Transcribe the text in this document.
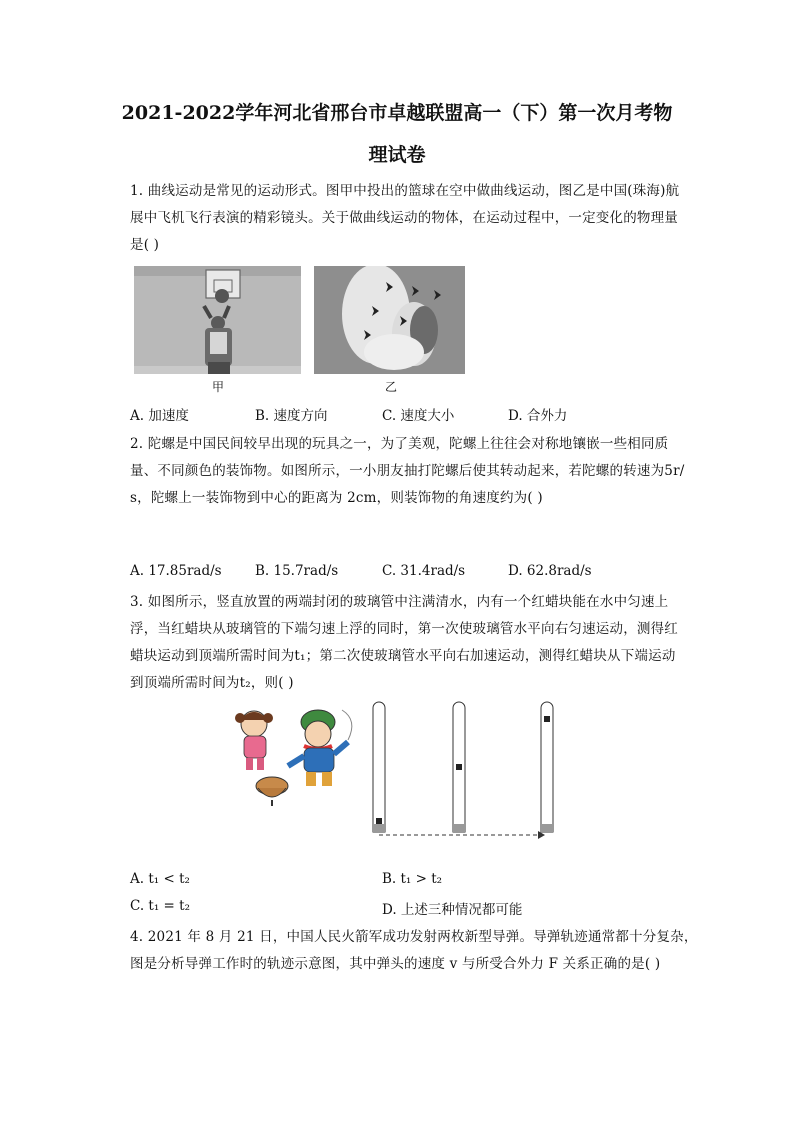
2021-2022学年河北省邢台市卓越联盟高一（下）第一次月考物
理试卷
1. 曲线运动是常见的运动形式。图甲中投出的篮球在空中做曲线运动，图乙是中国(珠海)航
展中飞机飞行表演的精彩镜头。关于做曲线运动的物体，在运动过程中，一定变化的物理量
是( )
甲	乙
A. 加速度	B. 速度方向	C. 速度大小	D. 合外力
2. 陀螺是中国民间较早出现的玩具之一，为了美观，陀螺上往往会对称地镶嵌一些相同质
量、不同颜色的装饰物。如图所示，一小朋友抽打陀螺后使其转动起来，若陀螺的转速为5r/
s，陀螺上一装饰物到中心的距离为 2cm，则装饰物的角速度约为( )
A. 17.85rad/s B. 15.7rad/s	C. 31.4rad/s	D. 62.8rad/s
3. 如图所示，竖直放置的两端封闭的玻璃管中注满清水，内有一个红蜡块能在水中匀速上
浮，当红蜡块从玻璃管的下端匀速上浮的同时，第一次使玻璃管水平向右匀速运动，测得红
蜡块运动到顶端所需时间为t₁；第二次使玻璃管水平向右加速运动，测得红蜡块从下端运动
到顶端所需时间为t₂，则( )
A. t₁ < t₂	B. t₁ > t₂
C. t₁ = t₂	D. 上述三种情况都可能
4. 2021 年 8 月 21 日，中国人民火箭军成功发射两枚新型导弹。导弹轨迹通常都十分复杂，
图是分析导弹工作时的轨迹示意图，其中弹头的速度 v 与所受合外力 F 关系正确的是( )
